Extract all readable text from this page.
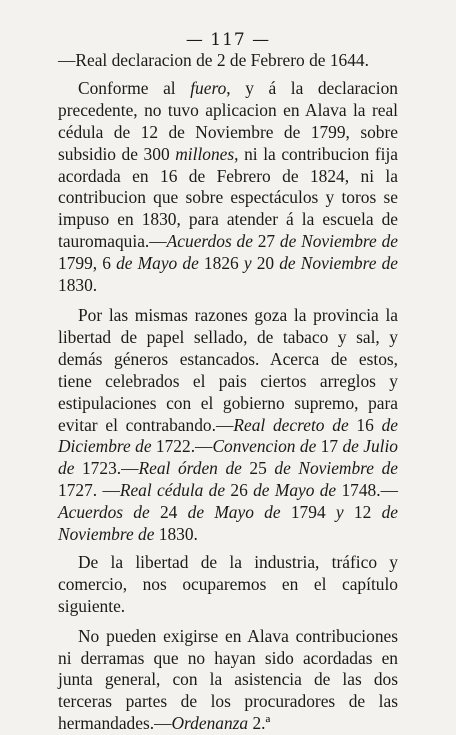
— 117 —

—Real declaracion de 2 de Febrero de 1644.

Conforme al fuero, y á la declaracion precedente, no tuvo aplicacion en Alava la real cédula de 12 de Noviembre de 1799, sobre subsidio de 300 millones, ni la contribucion fija acordada en 16 de Febrero de 1824, ni la contribucion que sobre espectáculos y toros se impuso en 1830, para atender á la escuela de tauromaquia.—Acuerdos de 27 de Noviembre de 1799, 6 de Mayo de 1826 y 20 de Noviembre de 1830.

Por las mismas razones goza la provincia la libertad de papel sellado, de tabaco y sal, y demás géneros estancados. Acerca de estos, tiene celebrados el pais ciertos arreglos y estipulaciones con el gobierno supremo, para evitar el contrabando.—Real decreto de 16 de Diciembre de 1722.—Convencion de 17 de Julio de 1723.—Real órden de 25 de Noviembre de 1727. —Real cédula de 26 de Mayo de 1748.—Acuerdos de 24 de Mayo de 1794 y 12 de Noviembre de 1830.

De la libertad de la industria, tráfico y comercio, nos ocuparemos en el capítulo siguiente.

No pueden exigirse en Alava contribuciones ni derramas que no hayan sido acordadas en junta general, con la asistencia de las dos terceras partes de los procuradores de las hermandades.—Ordenanza 2.ª
